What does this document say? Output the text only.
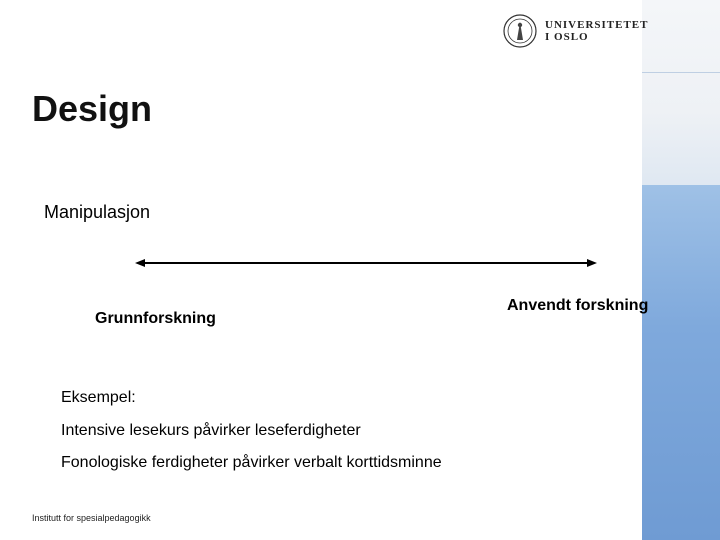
UNIVERSITETET
I OSLO
Design
Manipulasjon
Grunnforskning
Anvendt forskning
Eksempel:
Intensive lesekurs påvirker leseferdigheter
Fonologiske ferdigheter påvirker verbalt korttidsminne
Institutt for spesialpedagogikk
